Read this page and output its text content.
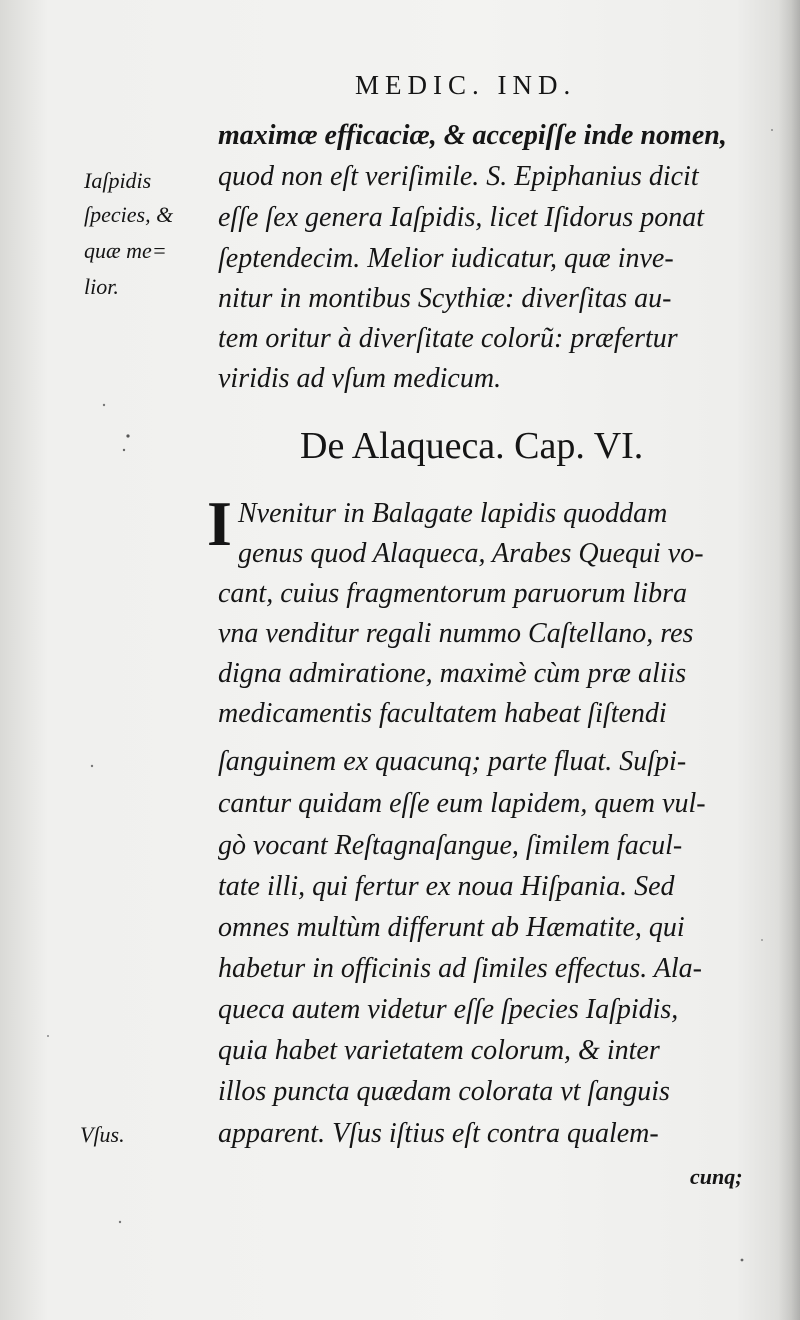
MEDIC. IND.
maximæ efficaciæ, & accepiſſe inde nomen,
quod non eſt veriſimile. S. Epiphanius dicit
eſſe ſex genera Iaſpidis, licet Iſidorus ponat
ſeptendecim. Melior iudicatur, quæ inve-
nitur in montibus Scythiæ: diverſitas au-
tem oritur à diverſitate colorũ: præfertur
viridis ad vſum medicum.
Iaſpidis
ſpecies, &
quæ me=
lior.
De Alaqueca. Cap. VI.
I Nvenitur in Balagate lapidis quoddam
genus quod Alaqueca, Arabes Quequi vo-
cant, cuius fragmentorum paruorum libra
vna venditur regali nummo Caſtellano, res
digna admiratione, maximè cùm præ aliis
medicamentis facultatem habeat ſiſtendi
ſanguinem ex quacunq; parte fluat. Suſpi-
cantur quidam eſſe eum lapidem, quem vul-
gò vocant Reſtagnaſangue, ſimilem facul-
tate illi, qui fertur ex noua Hiſpania. Sed
omnes multùm differunt ab Hæmatite, qui
habetur in officinis ad ſimiles effectus. Ala-
queca autem videtur eſſe ſpecies Iaſpidis,
quia habet varietatem colorum, & inter
illos puncta quædam colorata vt ſanguis
apparent. Vſus iſtius eſt contra qualem-
Vſus.
cunq;
